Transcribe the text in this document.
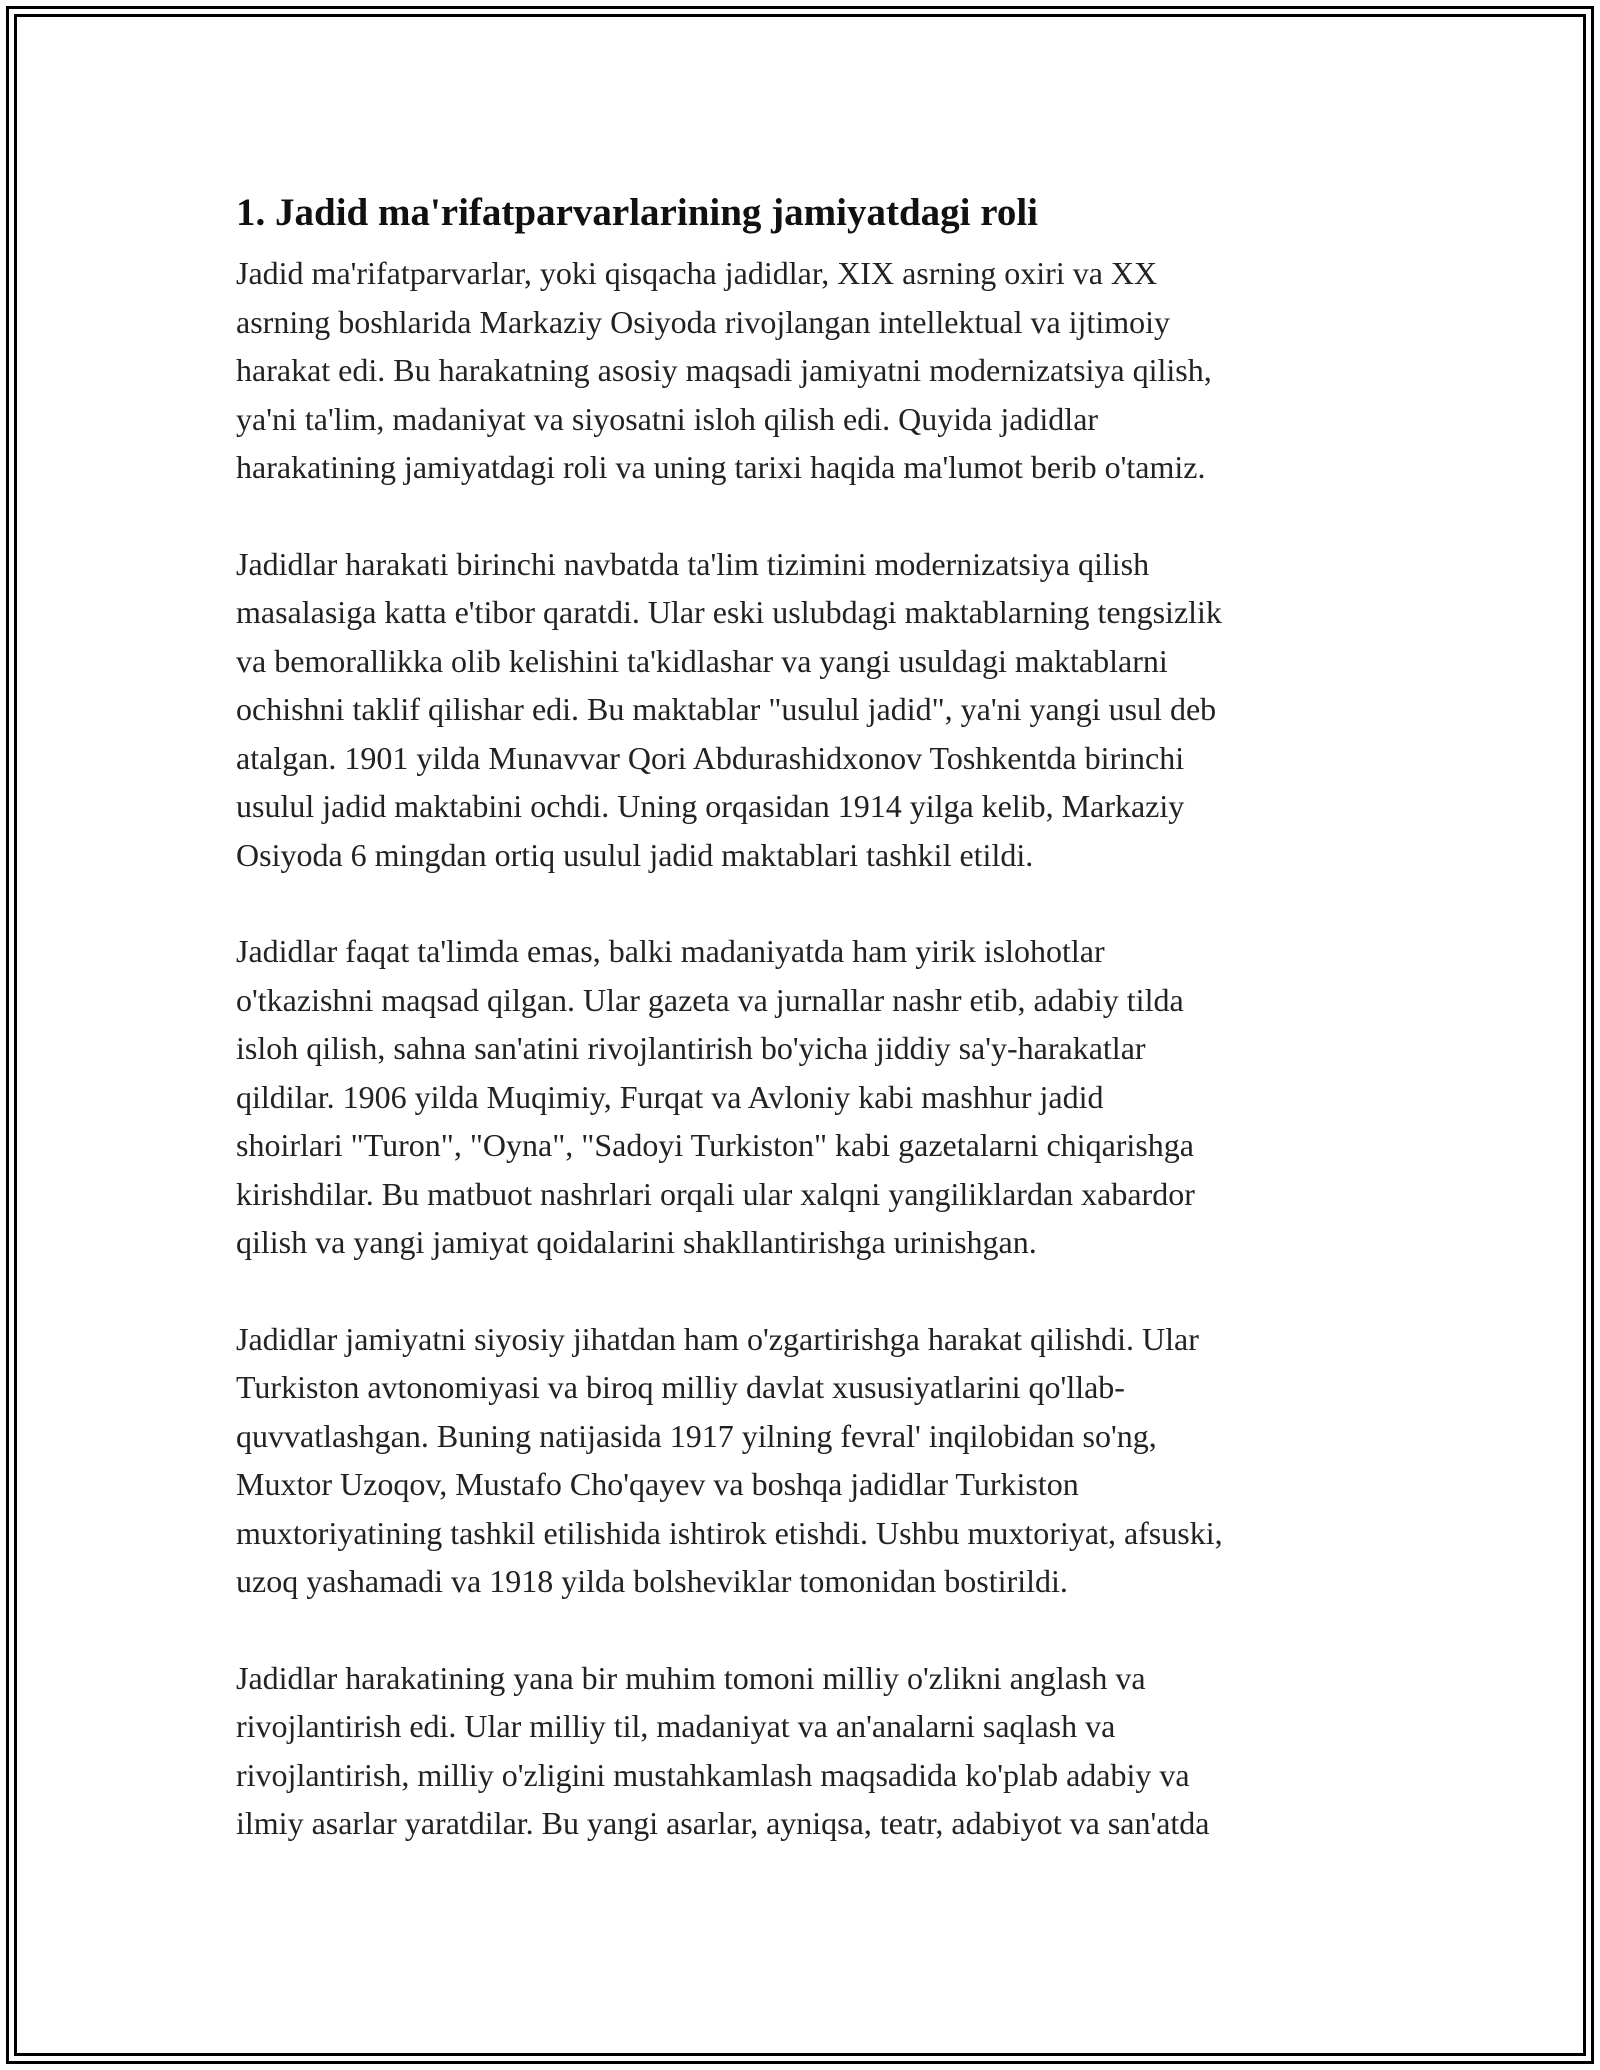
1. Jadid ma'rifatparvarlarining jamiyatdagi roli

Jadid ma'rifatparvarlar, yoki qisqacha jadidlar, XIX asrning oxiri va XX
asrning boshlarida Markaziy Osiyoda rivojlangan intellektual va ijtimoiy
harakat edi. Bu harakatning asosiy maqsadi jamiyatni modernizatsiya qilish,
ya'ni ta'lim, madaniyat va siyosatni isloh qilish edi. Quyida jadidlar
harakatining jamiyatdagi roli va uning tarixi haqida ma'lumot berib o'tamiz.

Jadidlar harakati birinchi navbatda ta'lim tizimini modernizatsiya qilish
masalasiga katta e'tibor qaratdi. Ular eski uslubdagi maktablarning tengsizlik
va bemorallikka olib kelishini ta'kidlashar va yangi usuldagi maktablarni
ochishni taklif qilishar edi. Bu maktablar "usulul jadid", ya'ni yangi usul deb
atalgan. 1901 yilda Munavvar Qori Abdurashidxonov Toshkentda birinchi
usulul jadid maktabini ochdi. Uning orqasidan 1914 yilga kelib, Markaziy
Osiyoda 6 mingdan ortiq usulul jadid maktablari tashkil etildi.

Jadidlar faqat ta'limda emas, balki madaniyatda ham yirik islohotlar
o'tkazishni maqsad qilgan. Ular gazeta va jurnallar nashr etib, adabiy tilda
isloh qilish, sahna san'atini rivojlantirish bo'yicha jiddiy sa'y-harakatlar
qildilar. 1906 yilda Muqimiy, Furqat va Avloniy kabi mashhur jadid
shoirlari "Turon", "Oyna", "Sadoyi Turkiston" kabi gazetalarni chiqarishga
kirishdilar. Bu matbuot nashrlari orqali ular xalqni yangiliklardan xabardor
qilish va yangi jamiyat qoidalarini shakllantirishga urinishgan.

Jadidlar jamiyatni siyosiy jihatdan ham o'zgartirishga harakat qilishdi. Ular
Turkiston avtonomiyasi va biroq milliy davlat xususiyatlarini qo'llab-
quvvatlashgan. Buning natijasida 1917 yilning fevral' inqilobidan so'ng,
Muxtor Uzoqov, Mustafo Cho'qayev va boshqa jadidlar Turkiston
muxtoriyatining tashkil etilishida ishtirok etishdi. Ushbu muxtoriyat, afsuski,
uzoq yashamadi va 1918 yilda bolsheviklar tomonidan bostirildi.

Jadidlar harakatining yana bir muhim tomoni milliy o'zlikni anglash va
rivojlantirish edi. Ular milliy til, madaniyat va an'analarni saqlash va
rivojlantirish, milliy o'zligini mustahkamlash maqsadida ko'plab adabiy va
ilmiy asarlar yaratdilar. Bu yangi asarlar, ayniqsa, teatr, adabiyot va san'atda
